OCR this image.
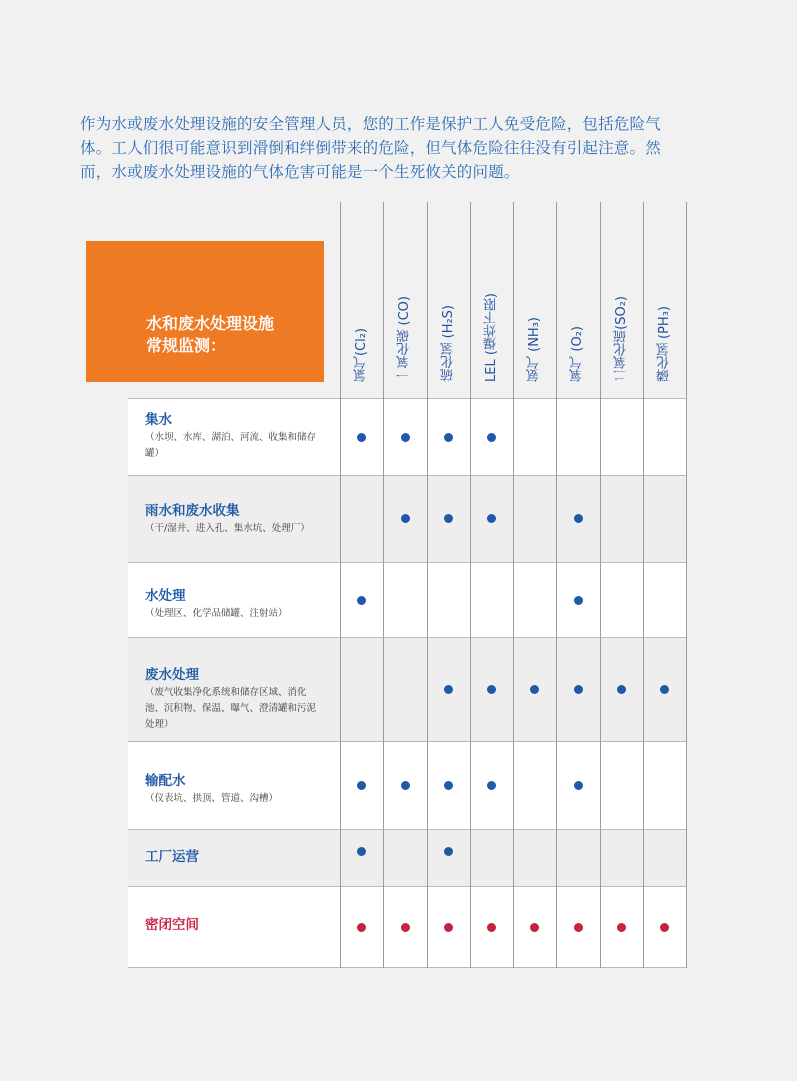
作为水或废水处理设施的安全管理人员，您的工作是保护工人免受危险，包括危险气体。工人们很可能意识到滑倒和绊倒带来的危险，但气体危险往往没有引起注意。然而，水或废水处理设施的气体危害可能是一个生死攸关的问题。
水和废水处理设施
常规监测：
集水
（水坝、水库、湖泊、河流、收集和储存罐）
雨水和废水收集
（干/湿井、进入孔、集水坑、处理厂）
水处理
（处理区、化学品储罐、注射站）
废水处理
（废气收集净化系统和储存区域、消化池、沉积物、保温、曝气、澄清罐和污泥处理）
输配水
（仪表坑、拱顶、管道、沟槽）
工厂运营
密闭空间
氯气(Cl₂) 一氧化碳 (CO) 硫化氢 (H₂S) LEL (爆炸下限) 氨气 (NH₃) 氧气 (O₂) 二氧化硫(SO₂) 磷化氢 (PH₃)
